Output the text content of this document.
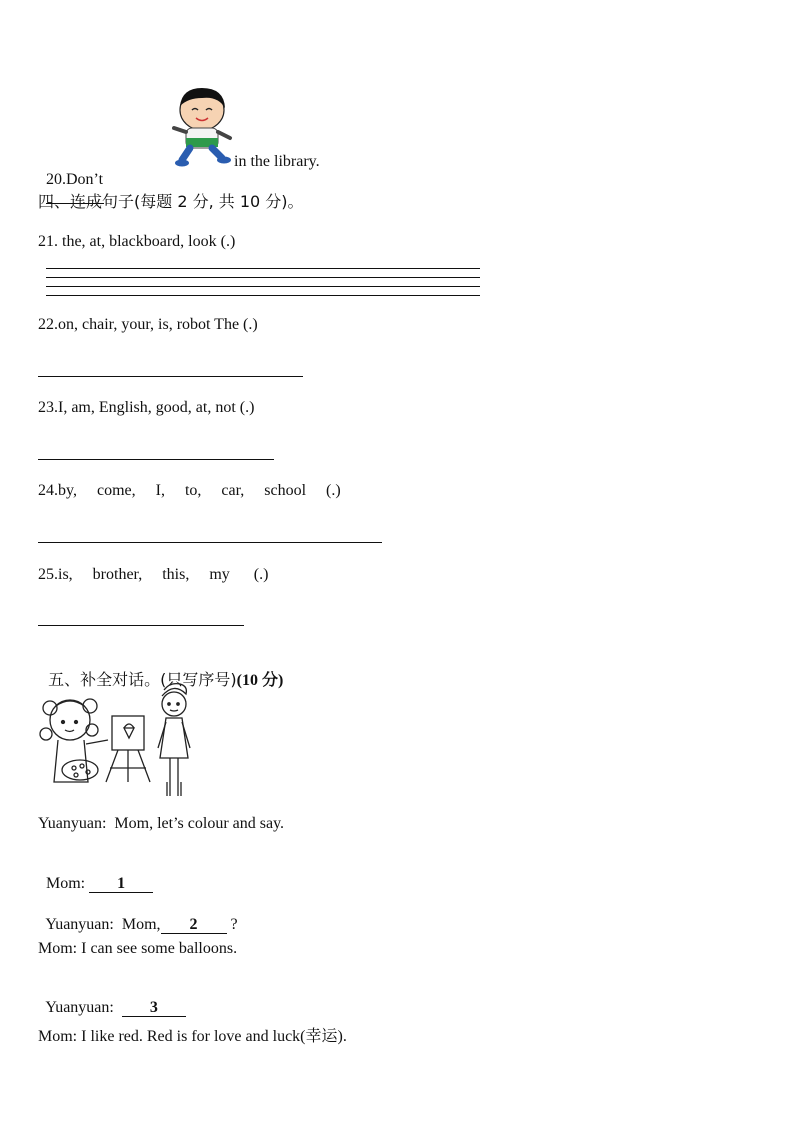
20.Don’t

in the library.
四、连成句子(每题 2 分, 共 10 分)。
21. the, at, blackboard, look (.)
22.on, chair, your, is, robot The (.)
23.I, am, English, good, at, not (.)
24.by,     come,     I,     to,     car,     school     (.)
25.is,     brother,     this,     my      (.)

五、补全对话。(只写序号)(10 分)

Yuanyuan:  Mom, let’s colour and say.

Mom: 1

Yuanyuan:  Mom, 2 ?

Mom: I can see some balloons.

Yuanyuan: 3

Mom: I like red. Red is for love and luck(幸运).
